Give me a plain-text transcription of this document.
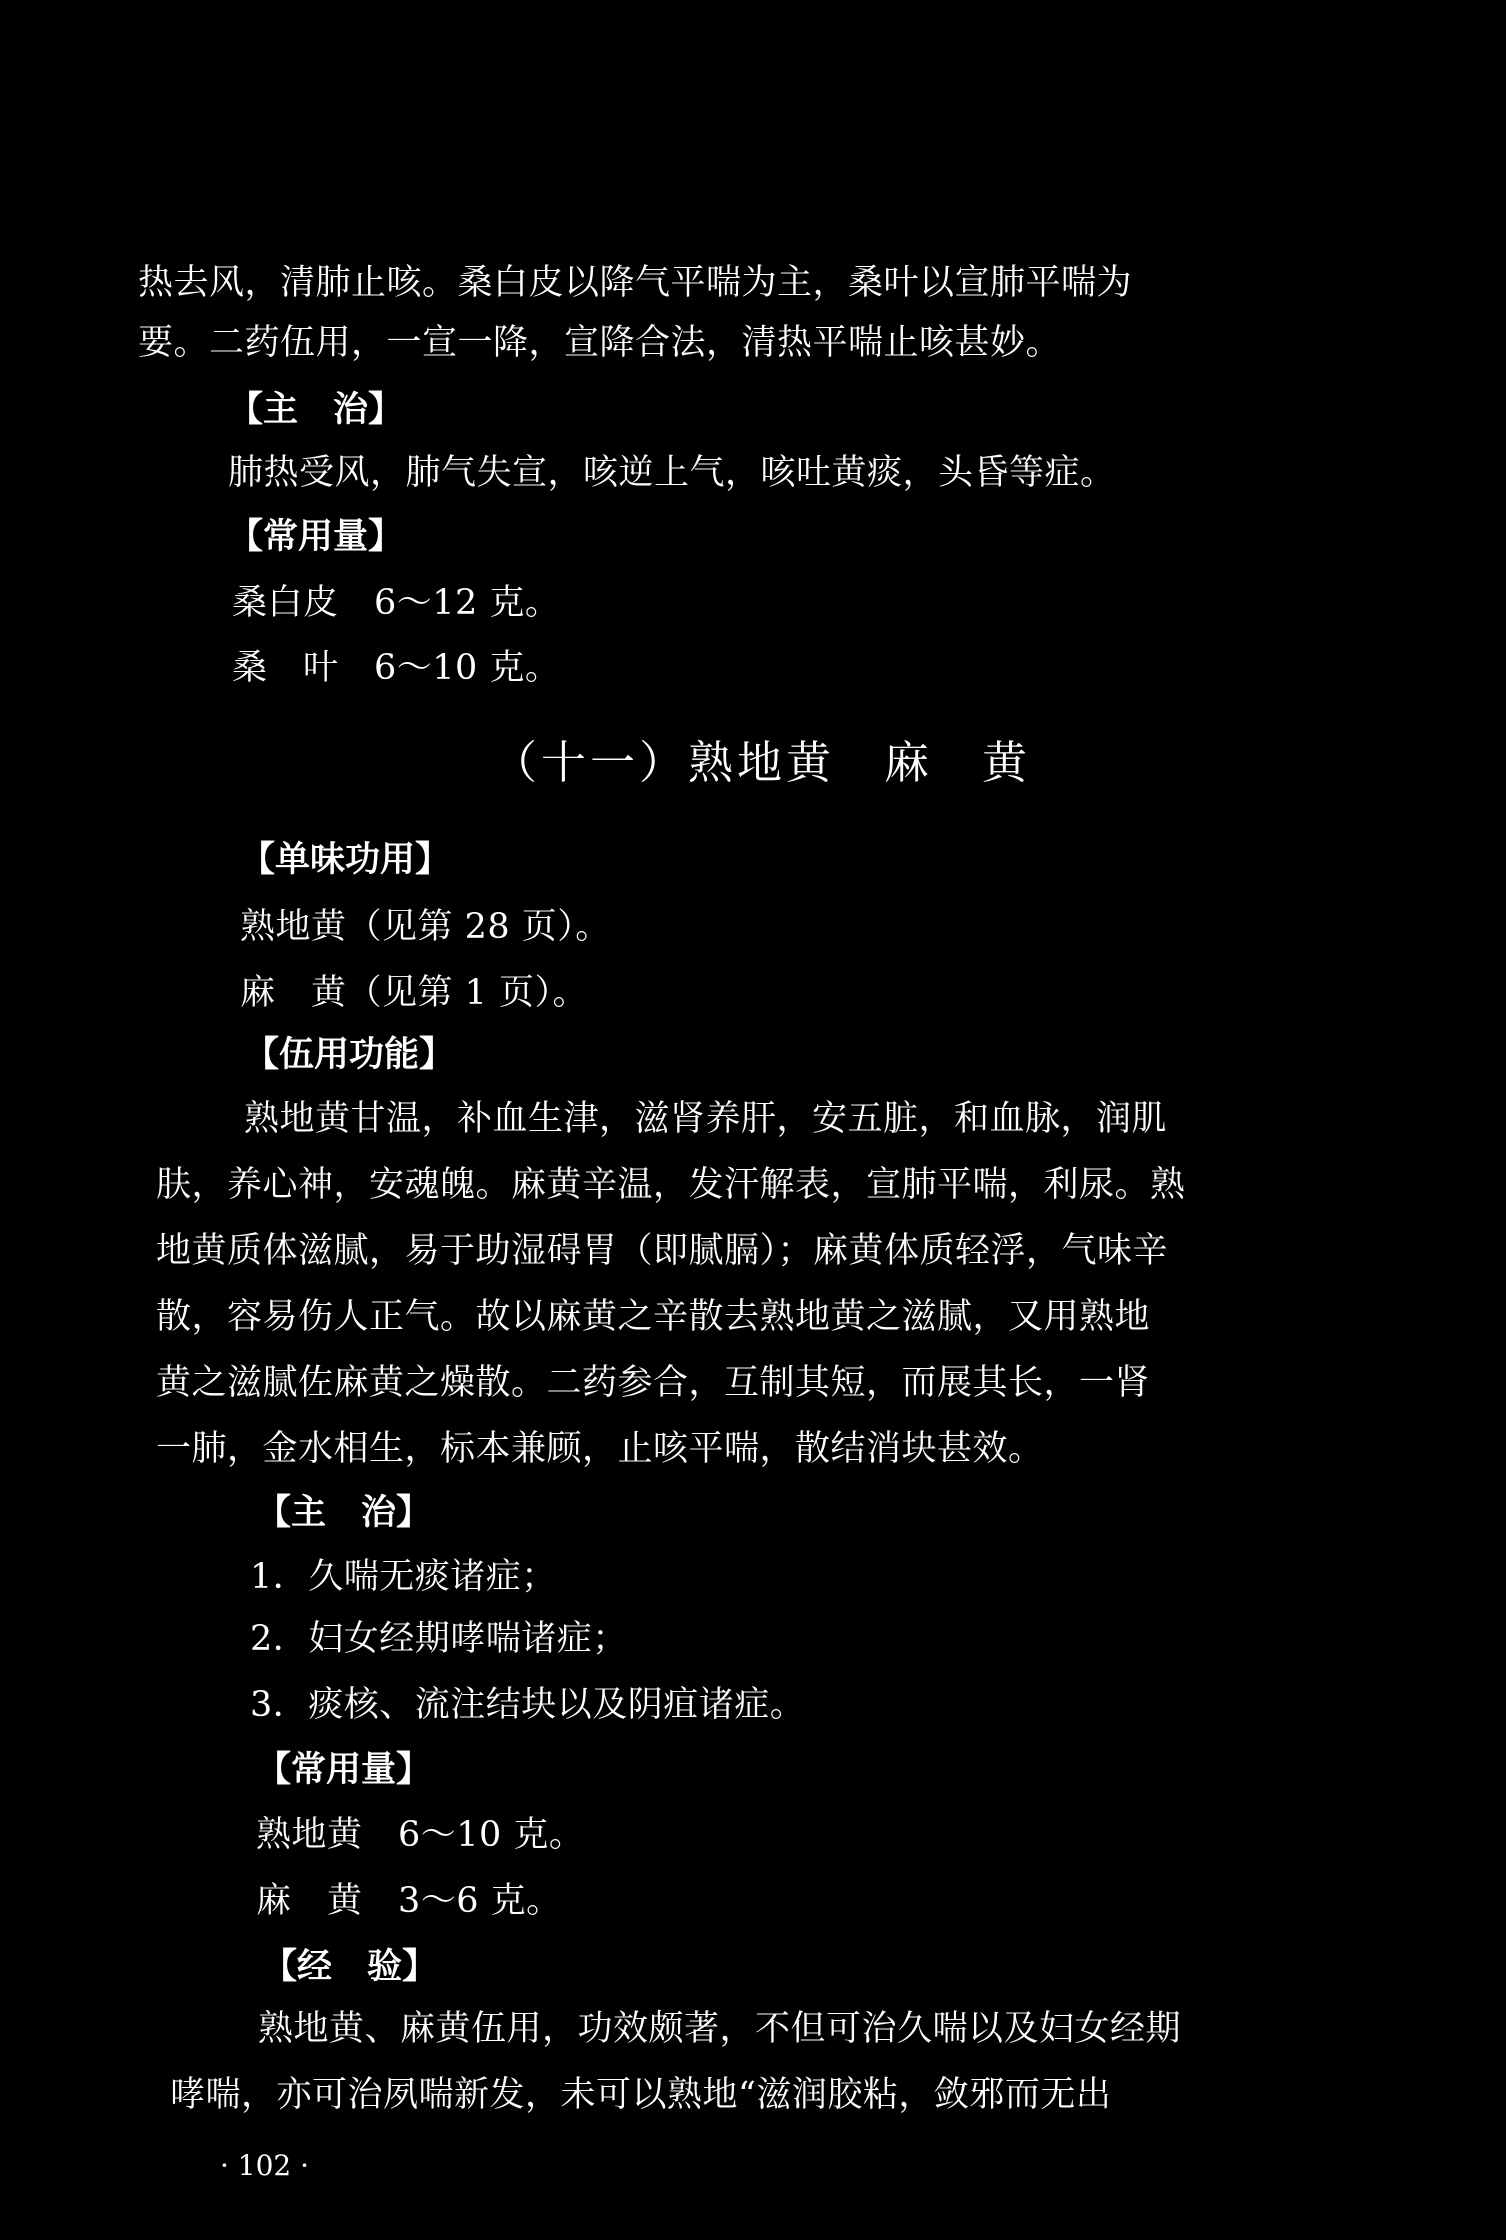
热去风，清肺止咳。桑白皮以降气平喘为主，桑叶以宣肺平喘为
要。二药伍用，一宣一降，宣降合法，清热平喘止咳甚妙。
【主　治】
肺热受风，肺气失宣，咳逆上气，咳吐黄痰，头昏等症。
【常用量】
桑白皮　6～12 克。
桑　叶　6～10 克。
（十一）熟地黄　麻　黄
【单味功用】
熟地黄（见第 28 页）。
麻　黄（见第 1 页）。
【伍用功能】
熟地黄甘温，补血生津，滋肾养肝，安五脏，和血脉，润肌
肤，养心神，安魂魄。麻黄辛温，发汗解表，宣肺平喘，利尿。熟
地黄质体滋腻，易于助湿碍胃（即腻膈）；麻黄体质轻浮，气味辛
散，容易伤人正气。故以麻黄之辛散去熟地黄之滋腻，又用熟地
黄之滋腻佐麻黄之燥散。二药参合，互制其短，而展其长，一肾
一肺，金水相生，标本兼顾，止咳平喘，散结消块甚效。
【主　治】
1．久喘无痰诸症；
2．妇女经期哮喘诸症；
3．痰核、流注结块以及阴疽诸症。
【常用量】
熟地黄　6～10 克。
麻　黄　3～6 克。
【经　验】
熟地黄、麻黄伍用，功效颇著，不但可治久喘以及妇女经期
哮喘，亦可治夙喘新发，未可以熟地“滋润胶粘，敛邪而无出
· 102 ·
